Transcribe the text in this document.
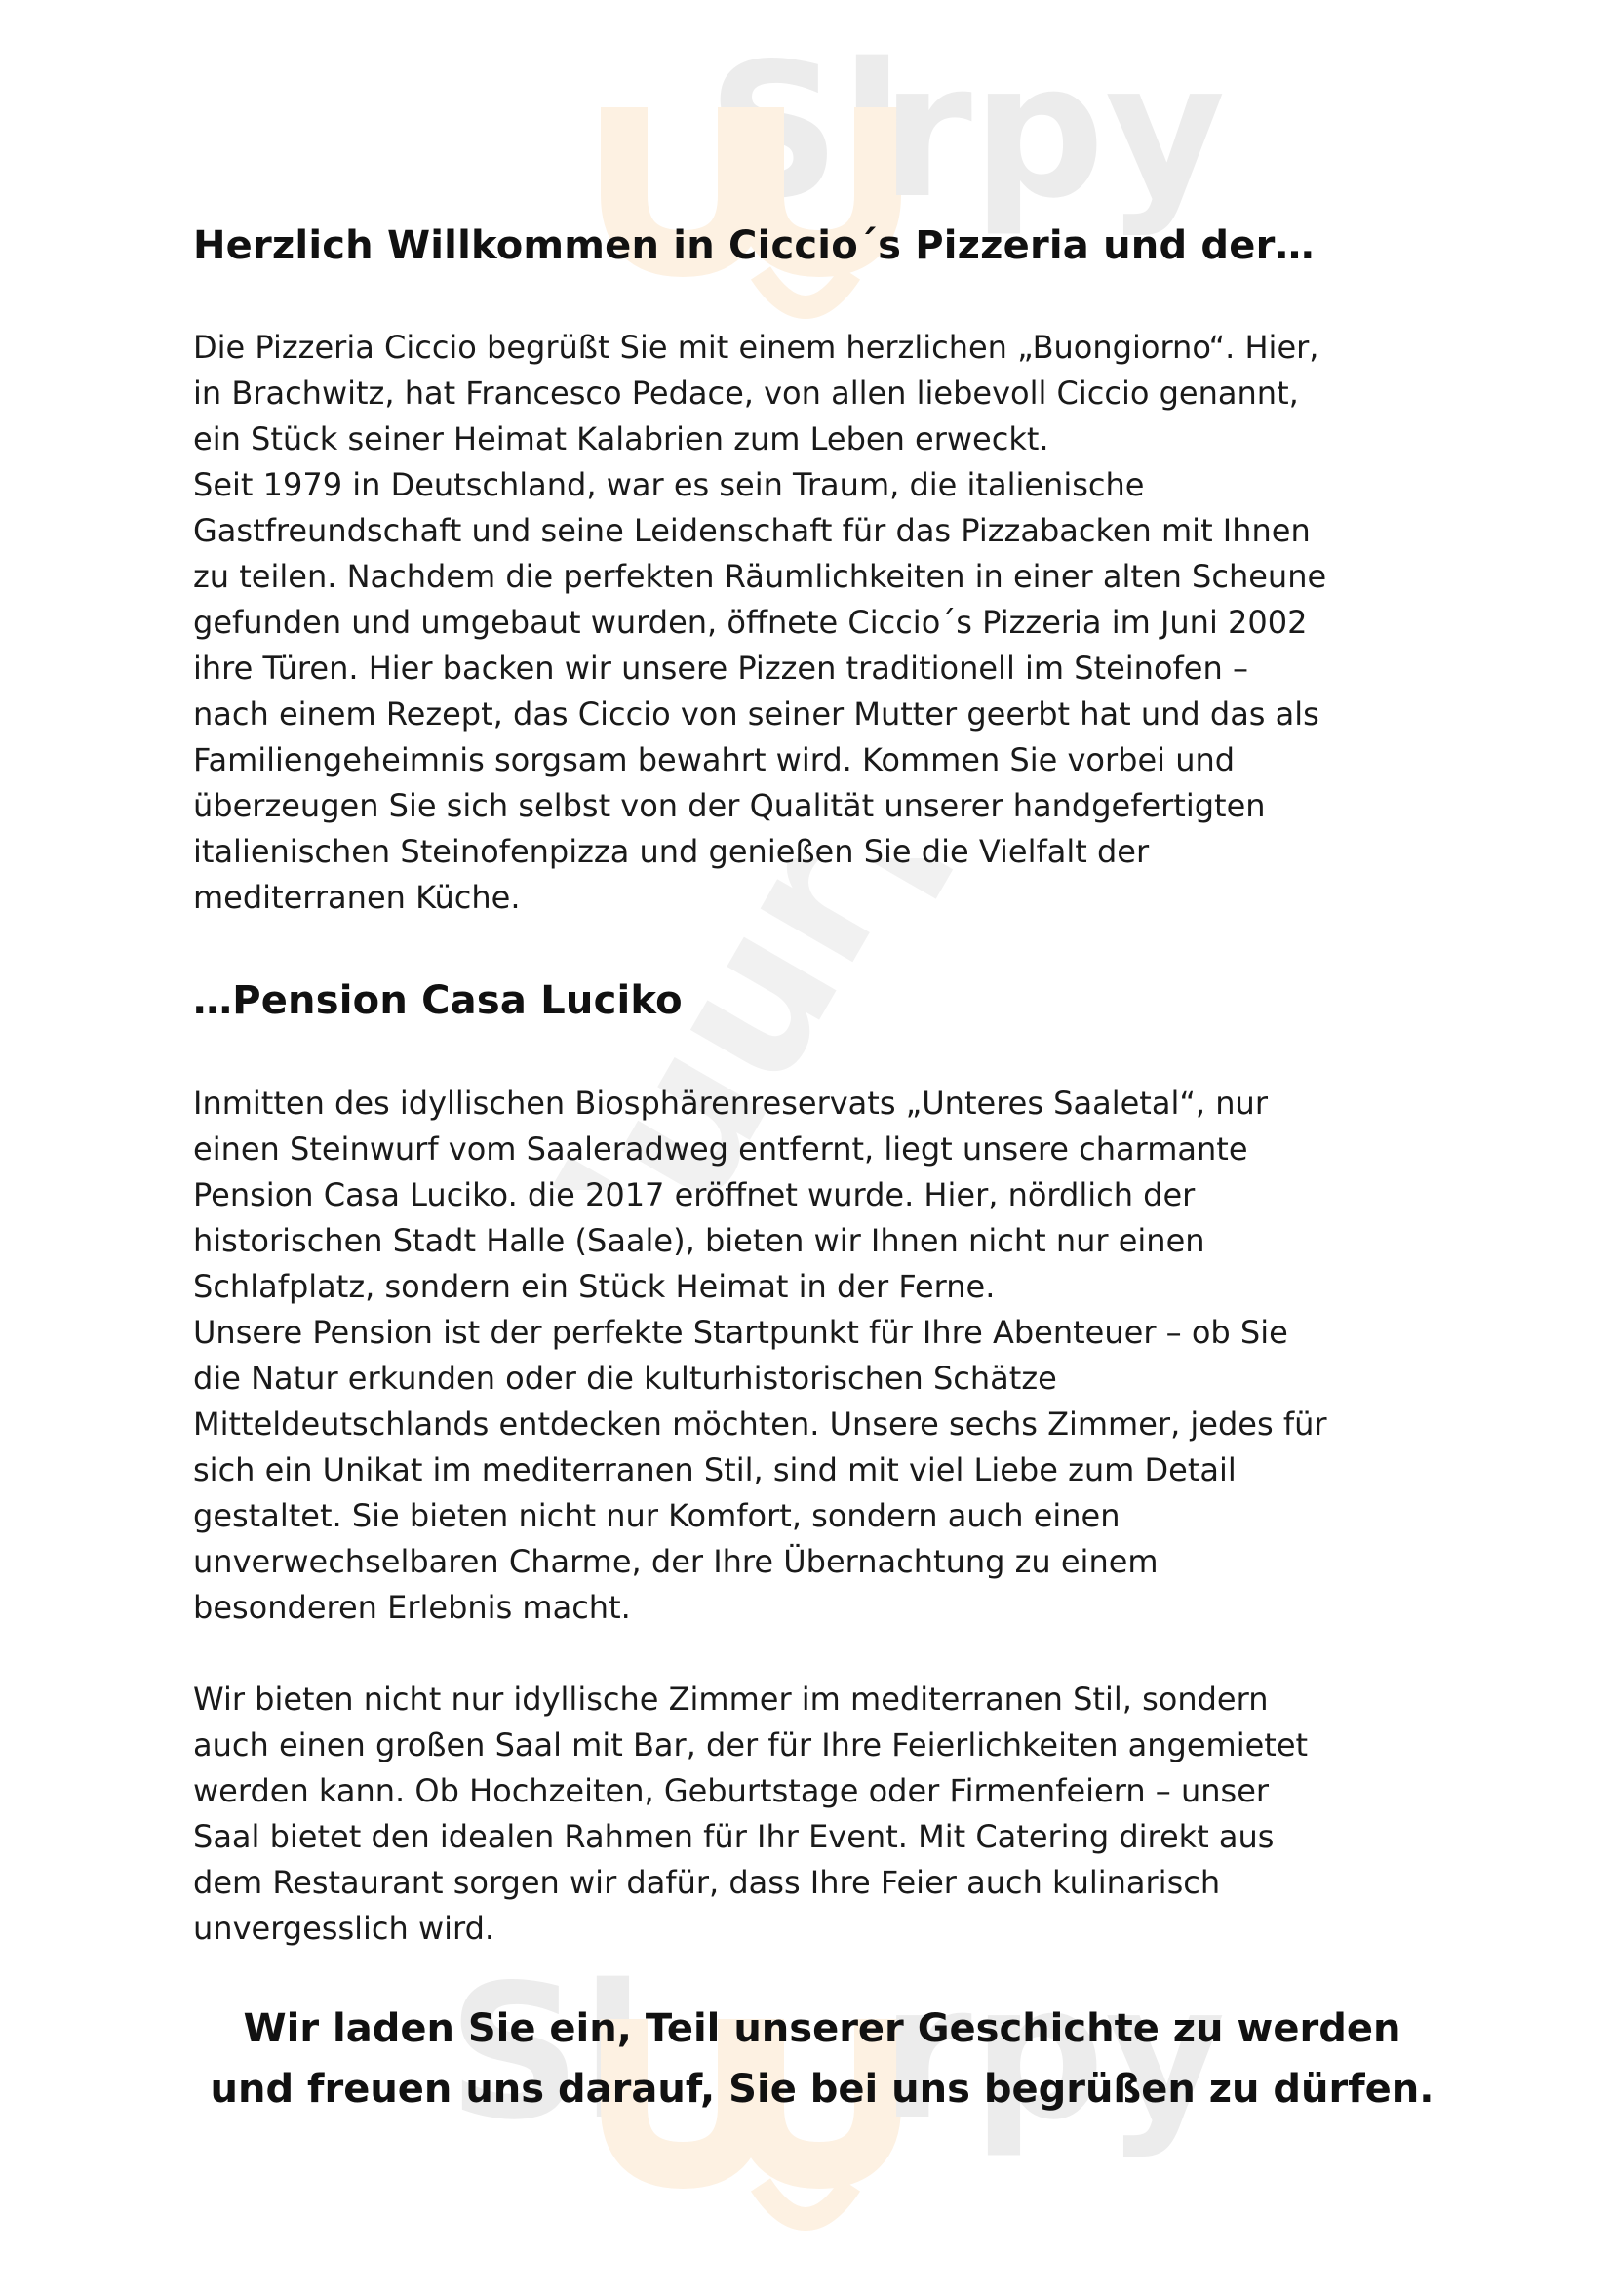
Sl
rpy
Sl rpy
Herzlich Willkommen in Ciccio´s Pizzeria und der…

Die Pizzeria Ciccio begrüßt Sie mit einem herzlichen „Buongiorno“. Hier,
in Brachwitz, hat Francesco Pedace, von allen liebevoll Ciccio genannt,
ein Stück seiner Heimat Kalabrien zum Leben erweckt.
Seit 1979 in Deutschland, war es sein Traum, die italienische
Gastfreundschaft und seine Leidenschaft für das Pizzabacken mit Ihnen
zu teilen. Nachdem die perfekten Räumlichkeiten in einer alten Scheune
gefunden und umgebaut wurden, öffnete Ciccio´s Pizzeria im Juni 2002
ihre Türen. Hier backen wir unsere Pizzen traditionell im Steinofen –
nach einem Rezept, das Ciccio von seiner Mutter geerbt hat und das als
Familiengeheimnis sorgsam bewahrt wird. Kommen Sie vorbei und
überzeugen Sie sich selbst von der Qualität unserer handgefertigten
italienischen Steinofenpizza und genießen Sie die Vielfalt der
mediterranen Küche.

…Pension Casa Luciko

Inmitten des idyllischen Biosphärenreservats „Unteres Saaletal“, nur
einen Steinwurf vom Saaleradweg entfernt, liegt unsere charmante
Pension Casa Luciko. die 2017 eröffnet wurde. Hier, nördlich der
historischen Stadt Halle (Saale), bieten wir Ihnen nicht nur einen
Schlafplatz, sondern ein Stück Heimat in der Ferne.
Unsere Pension ist der perfekte Startpunkt für Ihre Abenteuer – ob Sie
die Natur erkunden oder die kulturhistorischen Schätze
Mitteldeutschlands entdecken möchten. Unsere sechs Zimmer, jedes für
sich ein Unikat im mediterranen Stil, sind mit viel Liebe zum Detail
gestaltet. Sie bieten nicht nur Komfort, sondern auch einen
unverwechselbaren Charme, der Ihre Übernachtung zu einem
besonderen Erlebnis macht.

Wir bieten nicht nur idyllische Zimmer im mediterranen Stil, sondern
auch einen großen Saal mit Bar, der für Ihre Feierlichkeiten angemietet
werden kann. Ob Hochzeiten, Geburtstage oder Firmenfeiern – unser
Saal bietet den idealen Rahmen für Ihr Event. Mit Catering direkt aus
dem Restaurant sorgen wir dafür, dass Ihre Feier auch kulinarisch
unvergesslich wird.

Wir laden Sie ein, Teil unserer Geschichte zu werden
und freuen uns darauf, Sie bei uns begrüßen zu dürfen.
